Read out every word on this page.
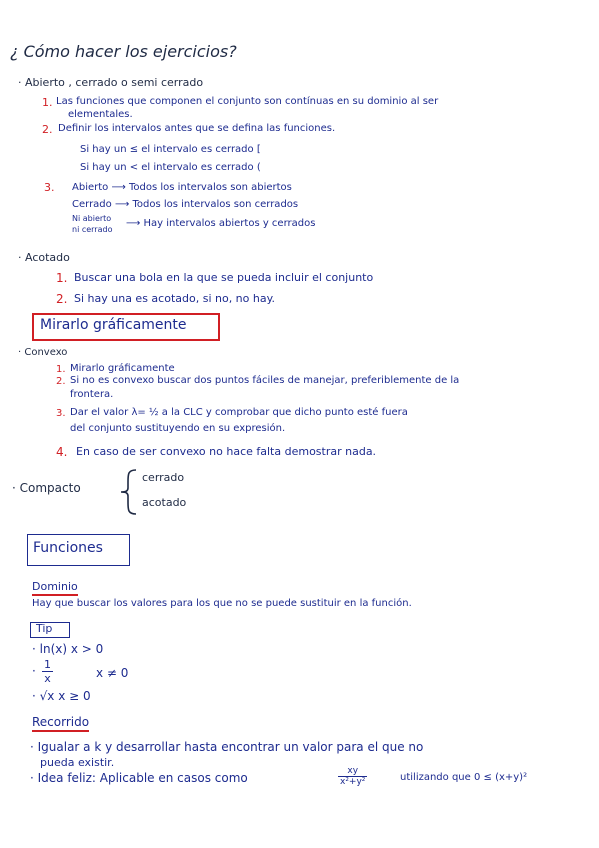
¿ Cómo hacer los ejercicios?
· Abierto , cerrado o semi cerrado
1. Las funciones que componen el conjunto son contínuas en su dominio al ser
elementales.
2. Definir los intervalos antes que se defina las funciones.
Si hay un ≤ el intervalo es cerrado [
Si hay un < el intervalo es cerrado (
3. Abierto ⟶ Todos los intervalos son abiertos
Cerrado ⟶ Todos los intervalos son cerrados
Ni abierto
ni cerrado
⟶ Hay intervalos abiertos y cerrados
· Acotado
1. Buscar una bola en la que se pueda incluir el conjunto
2. Si hay una es acotado, si no, no hay.
Mirarlo gráficamente
· Convexo
1. Mirarlo gráficamente
2. Si no es convexo buscar dos puntos fáciles de manejar, preferiblemente de la
frontera.
3. Dar el valor λ= ½ a la CLC y comprobar que dicho punto esté fuera
del conjunto sustituyendo en su expresión.
4. En caso de ser convexo no hace falta demostrar nada.
· Compacto
cerrado
acotado
Funciones
Dominio
Hay que buscar los valores para los que no se puede sustituir en la función.
Tip
· ln(x) x > 0
· $\frac{1}{x}$	x ≠ 0
· √x x ≥ 0
Recorrido
· Igualar a k y desarrollar hasta encontrar un valor para el que no
pueda existir.
· Idea feliz: Aplicable en casos como	$\frac{xy}{\text{x²+y²}}$	utilizando que 0 ≤ (x+y)²
